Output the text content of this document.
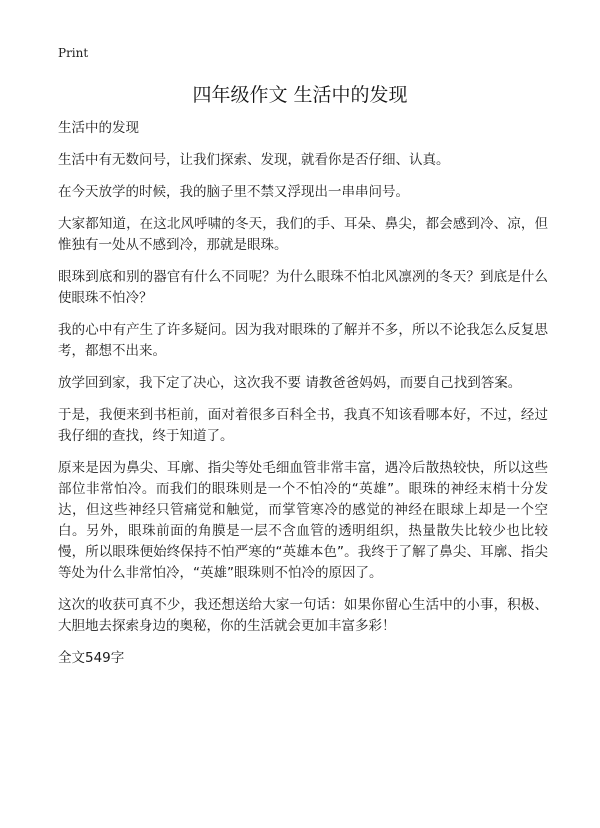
Print
四年级作文 生活中的发现

生活中的发现

生活中有无数问号，让我们探索、发现，就看你是否仔细、认真。

在今天放学的时候，我的脑子里不禁又浮现出一串串问号。

大家都知道，在这北风呼啸的冬天，我们的手、耳朵、鼻尖，都会感到冷、凉，但惟独有一处从不感到冷，那就是眼珠。

眼珠到底和别的器官有什么不同呢？为什么眼珠不怕北风凛冽的冬天？到底是什么使眼珠不怕冷？

我的心中有产生了许多疑问。因为我对眼珠的了解并不多，所以不论我怎么反复思考，都想不出来。

放学回到家，我下定了决心，这次我不要 请教爸爸妈妈，而要自己找到答案。

于是，我便来到书柜前，面对着很多百科全书，我真不知该看哪本好，不过，经过我仔细的查找，终于知道了。

原来是因为鼻尖、耳廓、指尖等处毛细血管非常丰富，遇冷后散热较快，所以这些部位非常怕冷。而我们的眼珠则是一个不怕冷的“英雄”。眼珠的神经末梢十分发达，但这些神经只管痛觉和触觉，而掌管寒冷的感觉的神经在眼球上却是一个空白。另外，眼珠前面的角膜是一层不含血管的透明组织，热量散失比较少也比较慢，所以眼珠便始终保持不怕严寒的“英雄本色”。我终于了解了鼻尖、耳廓、指尖等处为什么非常怕冷，“英雄”眼珠则不怕冷的原因了。

这次的收获可真不少，我还想送给大家一句话：如果你留心生活中的小事，积极、大胆地去探索身边的奥秘，你的生活就会更加丰富多彩！

全文549字
